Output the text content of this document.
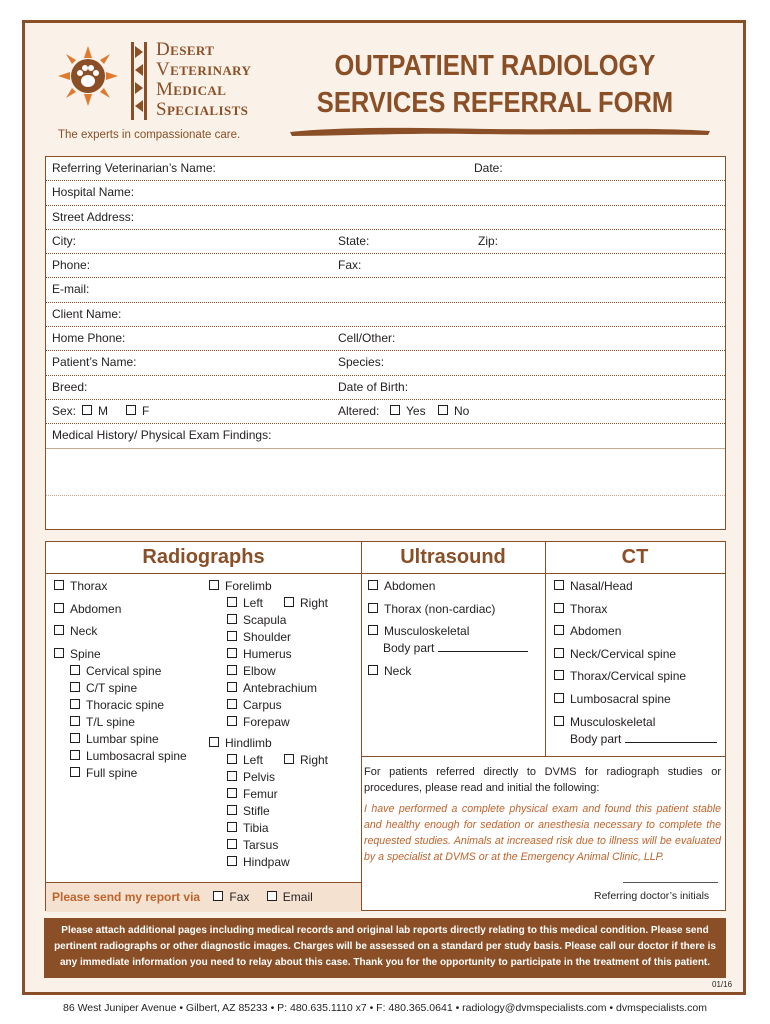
DESERT
VETERINARY
MEDICAL
SPECIALISTS
The experts in compassionate care.
OUTPATIENT RADIOLOGY
SERVICES REFERRAL FORM
Referring Veterinarian’s Name:	Date:
Hospital Name:
Street Address:
City:	State:	Zip:
Phone:	Fax:
E-mail:
Client Name:
Home Phone:	Cell/Other:
Patient’s Name:	Species:
Breed:	Date of Birth:
Sex:	M	F	Altered:	Yes	No
Medical History/ Physical Exam Findings:
Radiographs	Ultrasound	CT
Thorax
Abdomen
Neck
Spine
Cervical spine
C/T spine
Thoracic spine
T/L spine
Lumbar spine
Lumbosacral spine
Full spine
Forelimb
Left	Right
Scapula
Shoulder
Humerus
Elbow
Antebrachium
Carpus
Forepaw
Hindlimb
Left	Right
Pelvis
Femur
Stifle
Tibia
Tarsus
Hindpaw
Abdomen
Thorax (non-cardiac)
Musculoskeletal
Body part
Neck
Nasal/Head
Thorax
Abdomen
Neck/Cervical spine
Thorax/Cervical spine
Lumbosacral spine
Musculoskeletal
Body part
For patients referred directly to DVMS for radiograph studies or procedures, please read and initial the following:
I have performed a complete physical exam and found this patient stable and healthy enough for sedation or anesthesia necessary to complete the requested studies. Animals at increased risk due to illness will be evaluated by a specialist at DVMS or at the Emergency Animal Clinic, LLP.
Referring doctor’s initials
Please send my report via Fax	Email
Please attach additional pages including medical records and original lab reports directly relating to this medical condition. Please send pertinent radiographs or other diagnostic images. Charges will be assessed on a standard per study basis. Please call our doctor if there is any immediate information you need to relay about this case. Thank you for the opportunity to participate in the treatment of this patient.
01/16
86 West Juniper Avenue • Gilbert, AZ 85233 • P: 480.635.1110 x7 • F: 480.365.0641 • radiology@dvmspecialists.com • dvmspecialists.com
